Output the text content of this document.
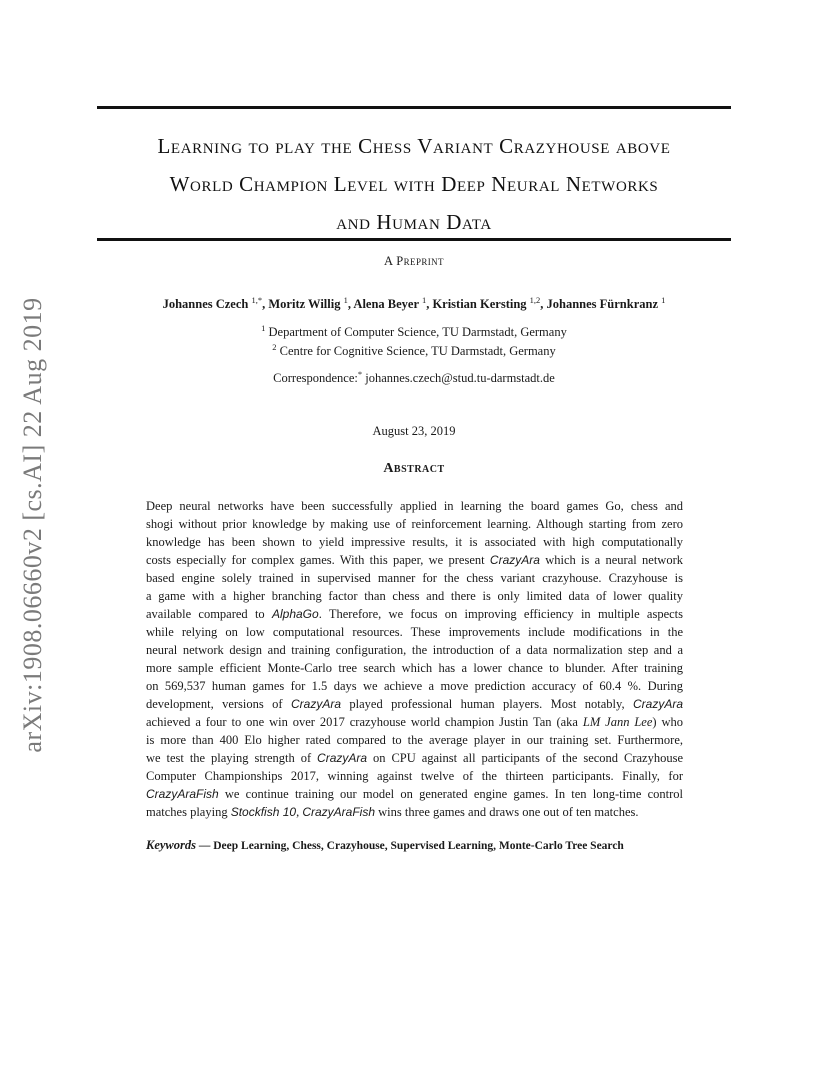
arXiv:1908.06660v2 [cs.AI] 22 Aug 2019
Learning to play the Chess Variant Crazyhouse above
World Champion Level with Deep Neural Networks
and Human Data
A Preprint
Johannes Czech $^{1,*}$, Moritz Willig $^1$, Alena Beyer $^1$, Kristian Kersting $^{1,2}$, Johannes Fürnkranz $^1$
$^1$ Department of Computer Science, TU Darmstadt, Germany
$^2$ Centre for Cognitive Science, TU Darmstadt, Germany
Correspondence:* johannes.czech@stud.tu-darmstadt.de
August 23, 2019
Abstract
Deep neural networks have been successfully applied in learning the board games Go, chess and
shogi without prior knowledge by making use of reinforcement learning. Although starting from zero
knowledge has been shown to yield impressive results, it is associated with high computationally
costs especially for complex games. With this paper, we present CrazyAra which is a neural network
based engine solely trained in supervised manner for the chess variant crazyhouse. Crazyhouse is
a game with a higher branching factor than chess and there is only limited data of lower quality
available compared to AlphaGo. Therefore, we focus on improving efficiency in multiple aspects
while relying on low computational resources. These improvements include modifications in the
neural network design and training configuration, the introduction of a data normalization step and a
more sample efficient Monte-Carlo tree search which has a lower chance to blunder. After training
on 569,537 human games for 1.5 days we achieve a move prediction accuracy of 60.4 %. During
development, versions of CrazyAra played professional human players. Most notably, CrazyAra
achieved a four to one win over 2017 crazyhouse world champion Justin Tan (aka LM Jann Lee) who
is more than 400 Elo higher rated compared to the average player in our training set. Furthermore,
we test the playing strength of CrazyAra on CPU against all participants of the second Crazyhouse
Computer Championships 2017, winning against twelve of the thirteen participants. Finally, for
CrazyAraFish we continue training our model on generated engine games. In ten long-time control
matches playing Stockfish 10, CrazyAraFish wins three games and draws one out of ten matches.
Keywords — Deep Learning, Chess, Crazyhouse, Supervised Learning, Monte-Carlo Tree Search
